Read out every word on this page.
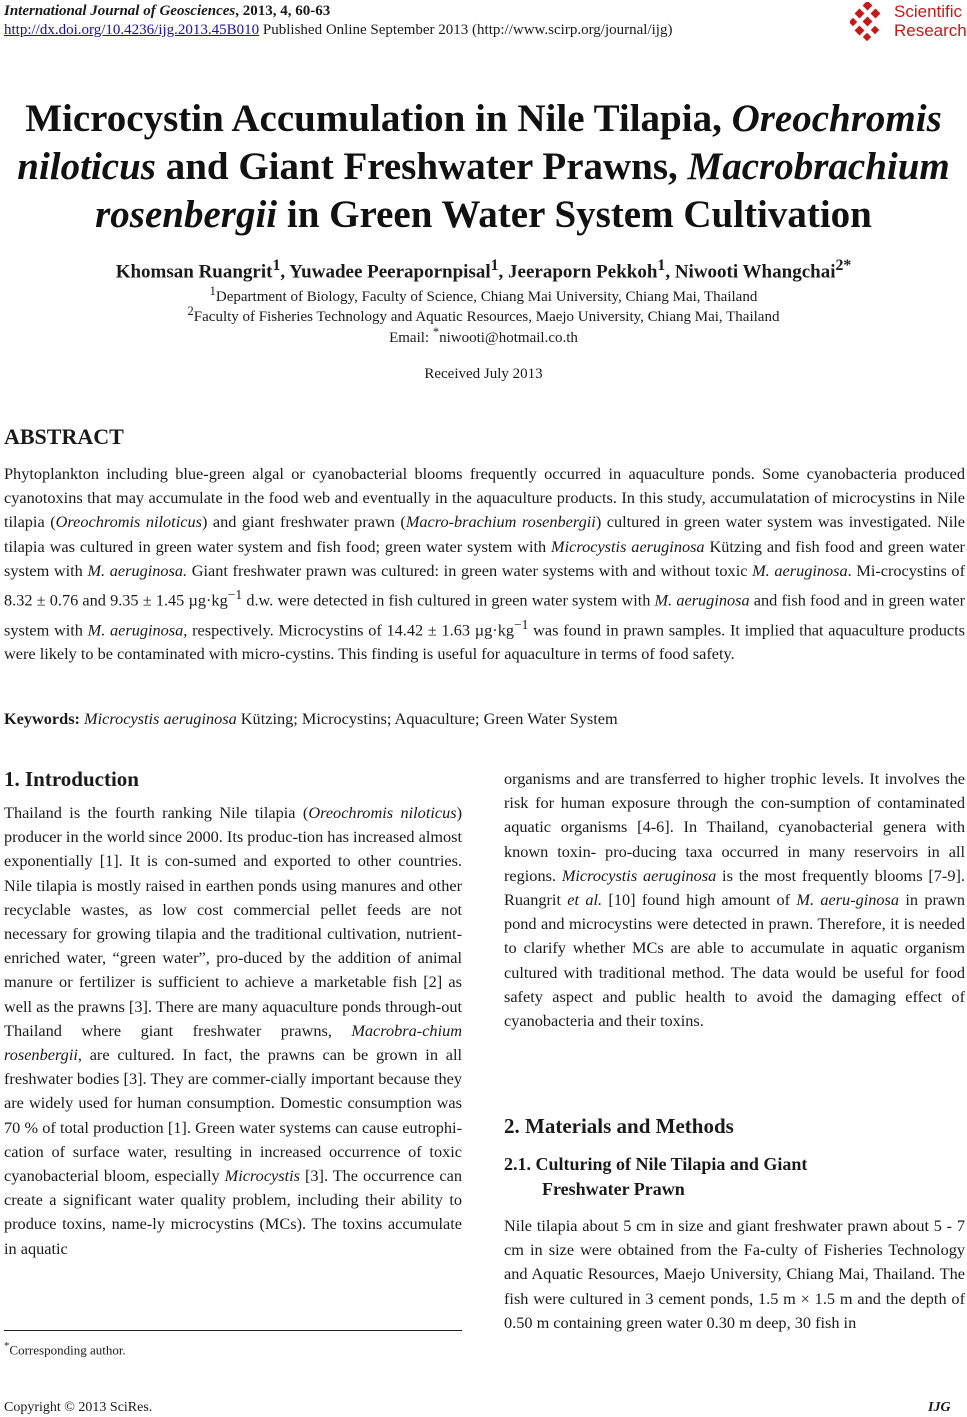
International Journal of Geosciences, 2013, 4, 60-63
http://dx.doi.org/10.4236/ijg.2013.45B010 Published Online September 2013 (http://www.scirp.org/journal/ijg)
Scientific
Research
Microcystin Accumulation in Nile Tilapia, Oreochromis
niloticus and Giant Freshwater Prawns, Macrobrachium
rosenbergii in Green Water System Cultivation
Khomsan Ruangrit$^1$, Yuwadee Peerapornpisal$^1$, Jeeraporn Pekkoh$^1$, Niwooti Whangchai$^{2*}$
$^1$Department of Biology, Faculty of Science, Chiang Mai University, Chiang Mai, Thailand
$^2$Faculty of Fisheries Technology and Aquatic Resources, Maejo University, Chiang Mai, Thailand
Email: *niwooti@hotmail.co.th
Received July 2013
ABSTRACT

Phytoplankton including blue-green algal or cyanobacterial blooms frequently occurred in aquaculture ponds. Some cyanobacteria produced cyanotoxins that may accumulate in the food web and eventually in the aquaculture products. In this study, accumulatation of microcystins in Nile tilapia (Oreochromis niloticus) and giant freshwater prawn (Macro-brachium rosenbergii) cultured in green water system was investigated. Nile tilapia was cultured in green water system and fish food; green water system with Microcystis aeruginosa Kützing and fish food and green water system with M. aeruginosa. Giant freshwater prawn was cultured: in green water systems with and without toxic M. aeruginosa. Mi-crocystins of 8.32 ± 0.76 and 9.35 ± 1.45 $\mu g\cdot kg^{-1}$ d.w. were detected in fish cultured in green water system with M. aeruginosa and fish food and in green water system with M. aeruginosa, respectively. Microcystins of 14.42 ± 1.63 $\mu g\cdot kg^{-1}$ was found in prawn samples. It implied that aquaculture products were likely to be contaminated with micro-cystins. This finding is useful for aquaculture in terms of food safety.

Keywords: Microcystis aeruginosa Kützing; Microcystins; Aquaculture; Green Water System
1. Introduction

Thailand is the fourth ranking Nile tilapia (Oreochromis niloticus) producer in the world since 2000. Its produc-tion has increased almost exponentially [1]. It is con-sumed and exported to other countries. Nile tilapia is mostly raised in earthen ponds using manures and other recyclable wastes, as low cost commercial pellet feeds are not necessary for growing tilapia and the traditional cultivation, nutrient-enriched water, “green water”, pro-duced by the addition of animal manure or fertilizer is sufficient to achieve a marketable fish [2] as well as the prawns [3]. There are many aquaculture ponds through-out Thailand where giant freshwater prawns, Macrobra-chium rosenbergii, are cultured. In fact, the prawns can be grown in all freshwater bodies [3]. They are commer-cially important because they are widely used for human consumption. Domestic consumption was 70 % of total production [1]. Green water systems can cause eutrophi-cation of surface water, resulting in increased occurrence of toxic cyanobacterial bloom, especially Microcystis [3]. The occurrence can create a significant water quality problem, including their ability to produce toxins, name-ly microcystins (MCs). The toxins accumulate in aquatic

*Corresponding author.

organisms and are transferred to higher trophic levels. It involves the risk for human exposure through the con-sumption of contaminated aquatic organisms [4-6]. In Thailand, cyanobacterial genera with known toxin- pro-ducing taxa occurred in many reservoirs in all regions. Microcystis aeruginosa is the most frequently blooms [7-9]. Ruangrit et al. [10] found high amount of M. aeru-ginosa in prawn pond and microcystins were detected in prawn. Therefore, it is needed to clarify whether MCs are able to accumulate in aquatic organism cultured with traditional method. The data would be useful for food safety aspect and public health to avoid the damaging effect of cyanobacteria and their toxins.

2. Materials and Methods
2.1. Culturing of Nile Tilapia and Giant
Freshwater Prawn

Nile tilapia about 5 cm in size and giant freshwater prawn about 5 - 7 cm in size were obtained from the Fa-culty of Fisheries Technology and Aquatic Resources, Maejo University, Chiang Mai, Thailand. The fish were cultured in 3 cement ponds, 1.5 m × 1.5 m and the depth of 0.50 m containing green water 0.30 m deep, 30 fish in

Copyright © 2013 SciRes.	IJG
